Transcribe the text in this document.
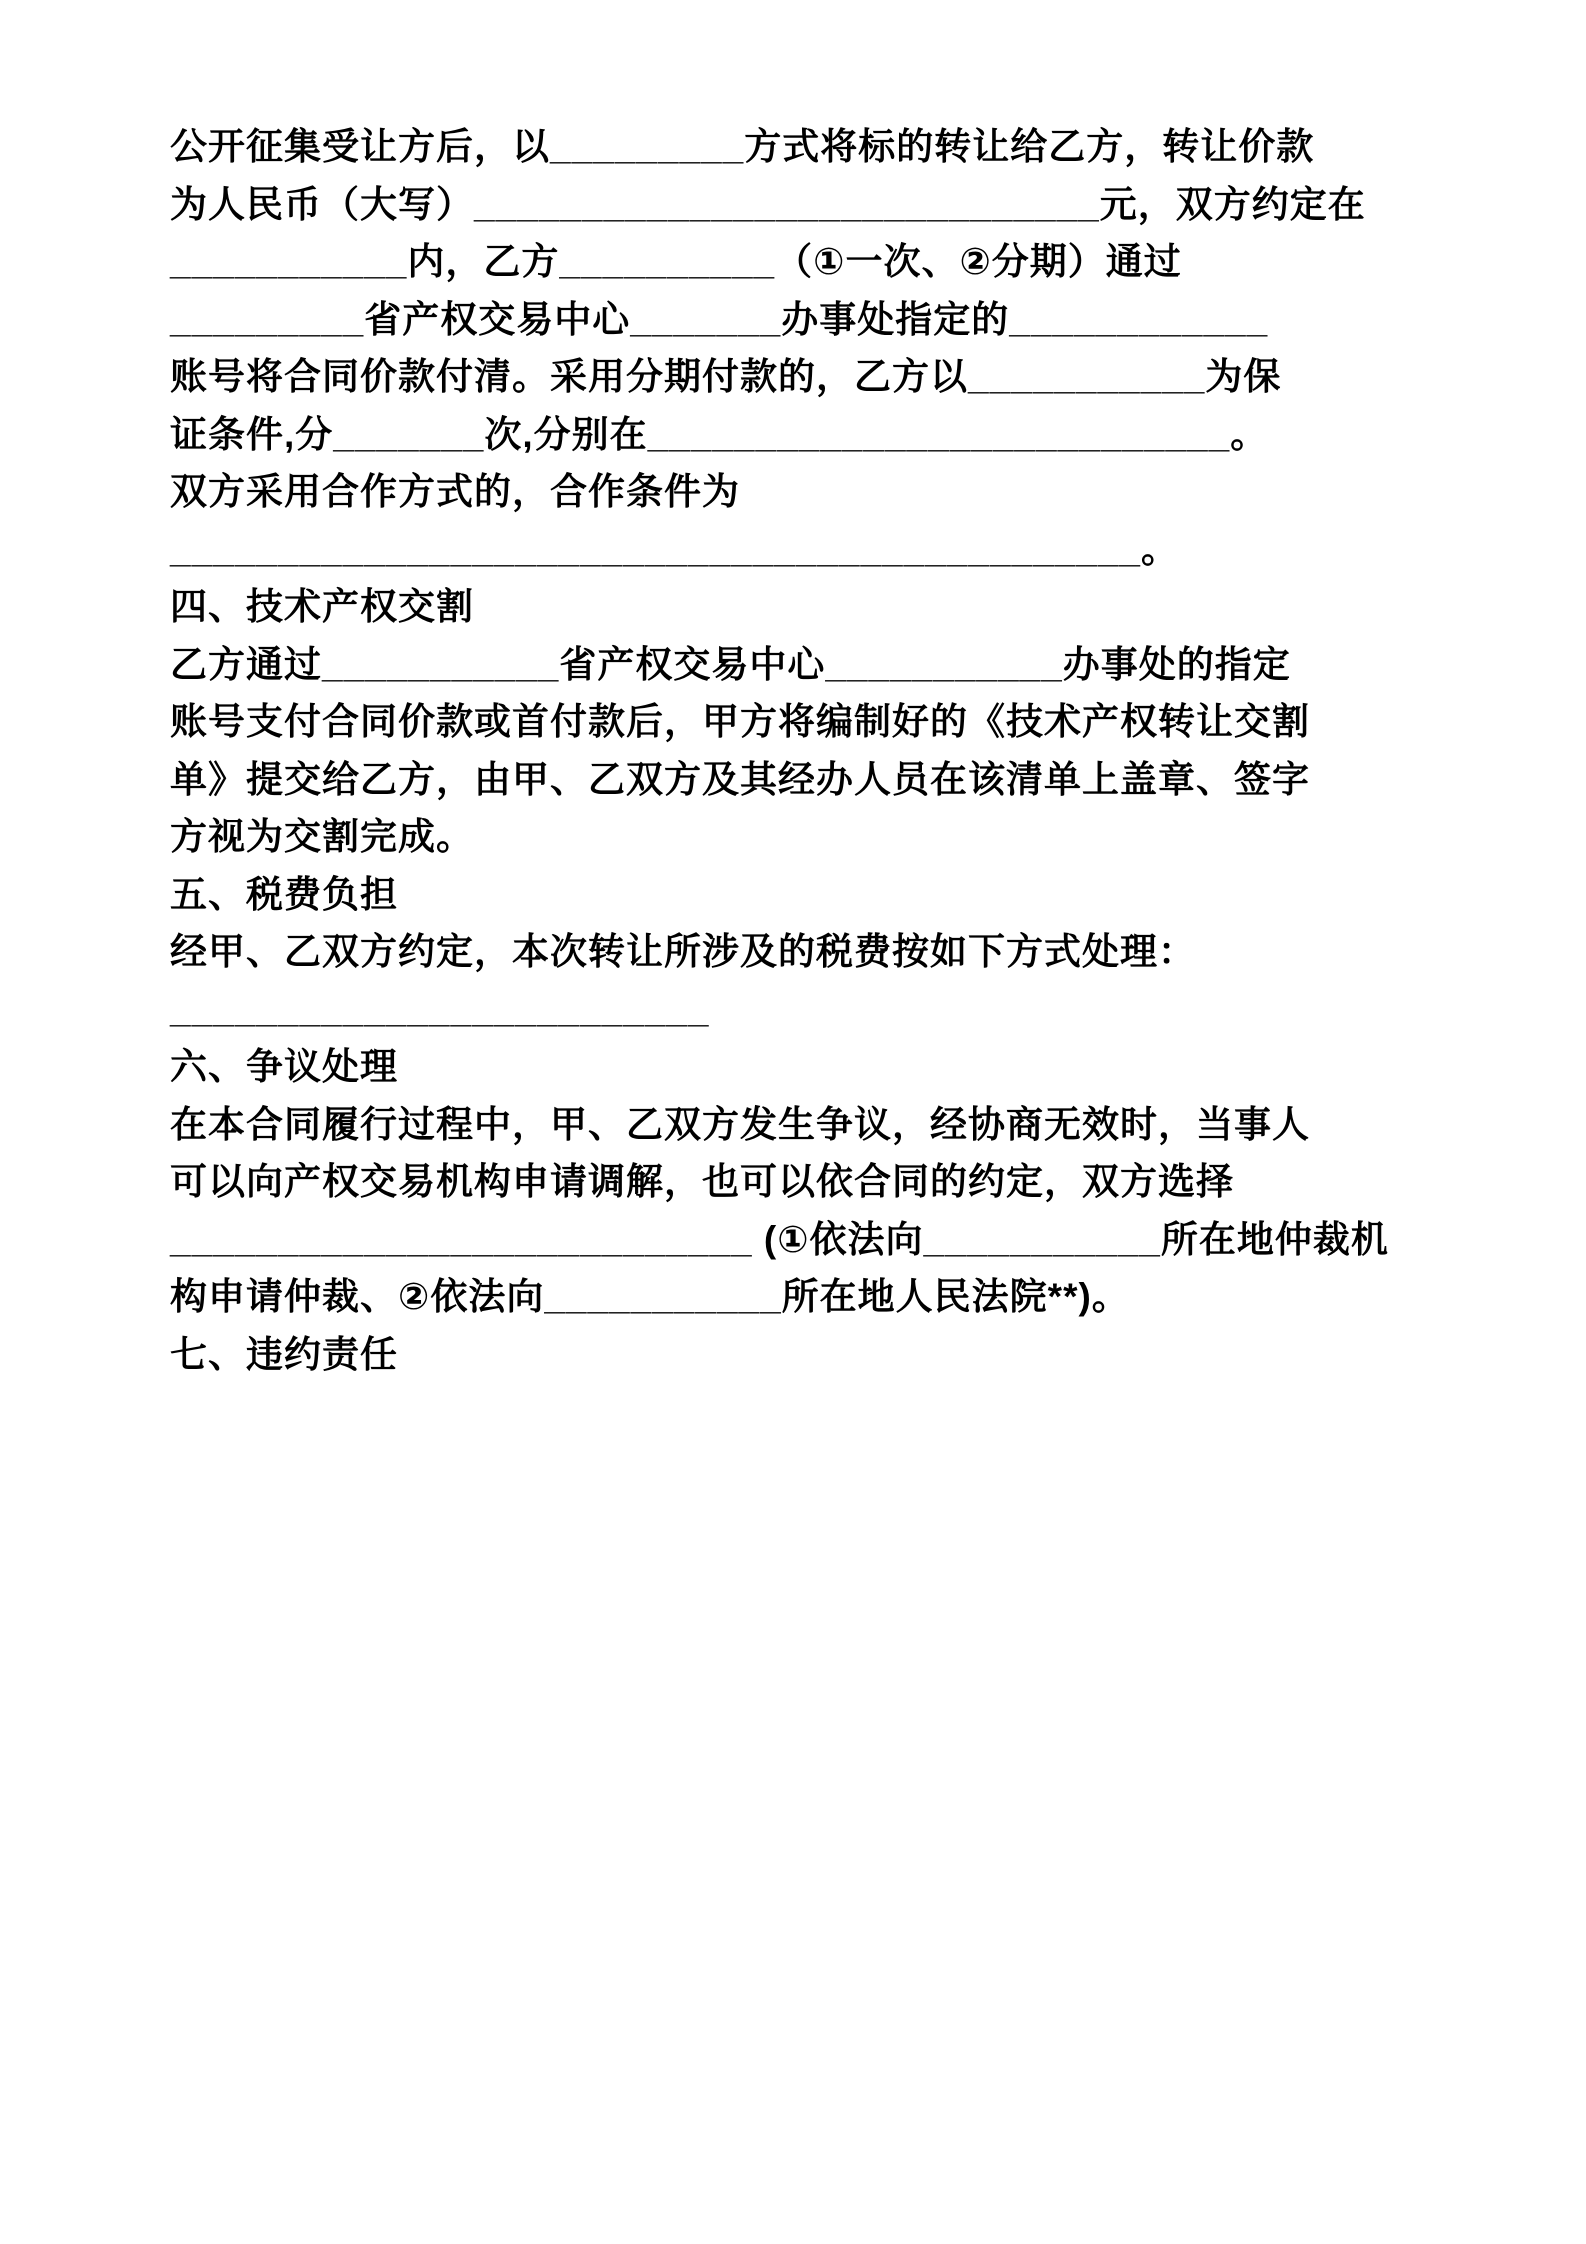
公开征集受让方后，以_________方式将标的转让给乙方，转让价款
为人民币（大写）_____________________________元，双方约定在
___________内，乙方__________（①一次、②分期）通过
_________省产权交易中心_______办事处指定的____________
账号将合同价款付清。采用分期付款的，乙方以___________为保
证条件,分_______次,分别在___________________________。
双方采用合作方式的，合作条件为
_____________________________________________。
四、技术产权交割
乙方通过___________省产权交易中心___________办事处的指定
账号支付合同价款或首付款后，甲方将编制好的《技术产权转让交割
单》提交给乙方，由甲、乙双方及其经办人员在该清单上盖章、签字
方视为交割完成。
五、税费负担
经甲、乙双方约定，本次转让所涉及的税费按如下方式处理：
_________________________
六、争议处理
在本合同履行过程中，甲、乙双方发生争议，经协商无效时，当事人
可以向产权交易机构申请调解，也可以依合同的约定，双方选择
___________________________ (①依法向___________所在地仲裁机
构申请仲裁、②依法向___________所在地人民法院**)。
七、违约责任
